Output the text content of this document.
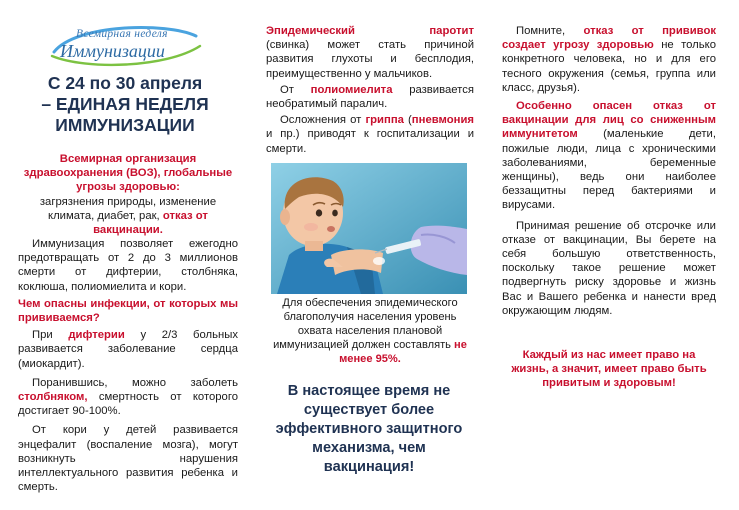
Всемирная неделя
Иммунизации
С 24 по 30 апреля
– ЕДИНАЯ НЕДЕЛЯ
ИММУНИЗАЦИИ

Всемирная организация здравоохранения (ВОЗ), глобальные угрозы здоровью:

загрязнения природы, изменение климата, диабет, рак, отказ от вакцинации.

Иммунизация позволяет ежегодно предотвращать от 2 до 3 миллионов смерти от дифтерии, столбняка, коклюша, полиомиелита и кори.

Чем опасны инфекции, от которых мы прививаемся?

При дифтерии у 2/3 больных развивается заболевание сердца (миокардит).

Поранившись, можно заболеть столбняком, смертность от которого достигает 90-100%.

От кори у детей развивается энцефалит (воспаление мозга), могут возникнуть нарушения интеллектуального развития ребенка и смерть.

Эпидемический паротит (свинка) может стать причиной развития глухоты и бесплодия, преимущественно у мальчиков.

От полиомиелита развивается необратимый паралич.

Осложнения от гриппа (пневмония и пр.) приводят к госпитализации и смерти.

Для обеспечения эпидемического благополучия населения уровень охвата населения плановой иммунизацией должен составлять не менее 95%.

В настоящее время не существует более эффективного защитного механизма, чем вакцинация!

Помните, отказ от прививок создает угрозу здоровью не только конкретного человека, но и для его тесного окружения (семья, группа или класс, друзья).

Особенно опасен отказ от вакцинации для лиц со сниженным иммунитетом (маленькие дети, пожилые люди, лица с хроническими заболеваниями, беременные женщины), ведь они наиболее беззащитны перед бактериями и вирусами.

Принимая решение об отсрочке или отказе от вакцинации, Вы берете на себя большую ответственность, поскольку такое решение может подвергнуть риску здоровье и жизнь Вас и Вашего ребенка и нанести вред окружающим людям.

Каждый из нас имеет право на жизнь, а значит, имеет право быть привитым и здоровым!
